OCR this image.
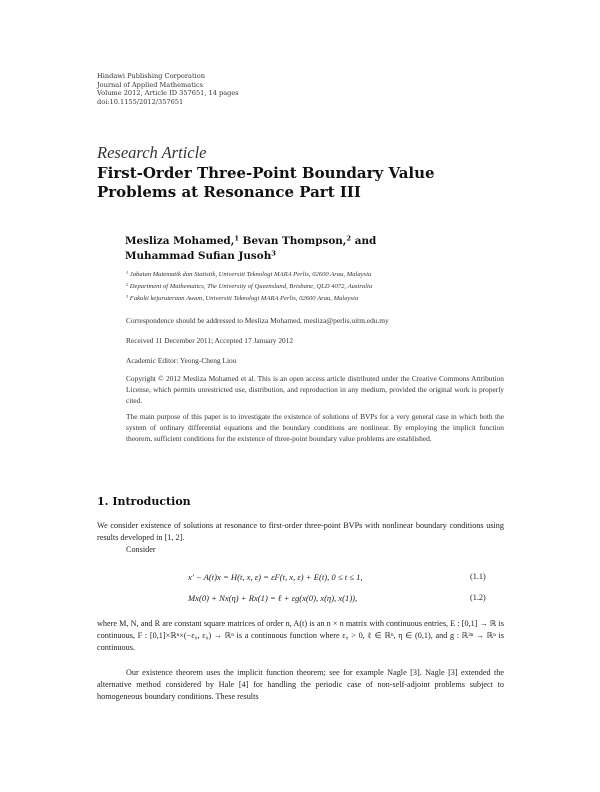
Hindawi Publishing Corporation
Journal of Applied Mathematics
Volume 2012, Article ID 357651, 14 pages
doi:10.1155/2012/357651
Research Article
First-Order Three-Point Boundary Value
Problems at Resonance Part III
Mesliza Mohamed,$^1$ Bevan Thompson,$^2$ and
Muhammad Sufian Jusoh$^3$
$^1$ Jabatan Matematik dan Statistik, Universiti Teknologi MARA Perlis, 02600 Arau, Malaysia
$^2$ Department of Mathematics, The University of Queensland, Brisbane, QLD 4072, Australia
$^3$ Fakulti kejuruteraan Awam, Universiti Teknologi MARA Perlis, 02600 Arau, Malaysia
Correspondence should be addressed to Mesliza Mohamed, mesliza@perlis.uitm.edu.my
Received 11 December 2011; Accepted 17 January 2012
Academic Editor: Yeong-Cheng Liou
Copyright © 2012 Mesliza Mohamed et al. This is an open access article distributed under the Creative Commons Attribution License, which permits unrestricted use, distribution, and reproduction in any medium, provided the original work is properly cited.
The main purpose of this paper is to investigate the existence of solutions of BVPs for a very general case in which both the system of ordinary differential equations and the boundary conditions are nonlinear. By employing the implicit function theorem, sufficient conditions for the existence of three-point boundary value problems are established.
1. Introduction
We consider existence of solutions at resonance to first-order three-point BVPs with nonlinear boundary conditions using results developed in [1, 2].
Consider
x′ − A(t)x = H(t, x, ε) = εF(t, x, ε) + E(t), 0 ≤ t ≤ 1,	(1.1)
Mx(0) + Nx(η) + Rx(1) = ℓ + εg(x(0), x(η), x(1)),	(1.2)
where M, N, and R are constant square matrices of order n, A(t) is an n × n matrix with continuous entries, E : [0,1] → ℝ is continuous, F : [0,1]×ℝⁿ×(−ε₀, ε₀) → ℝⁿ is a continuous function where ε₀ > 0, ℓ ∈ ℝⁿ, η ∈ (0,1), and g : ℝ³ⁿ → ℝⁿ is continuous.
Our existence theorem uses the implicit function theorem; see for example Nagle [3]. Nagle [3] extended the alternative method considered by Hale [4] for handling the periodic case of non-self-adjoint problems subject to homogeneous boundary conditions. These results
